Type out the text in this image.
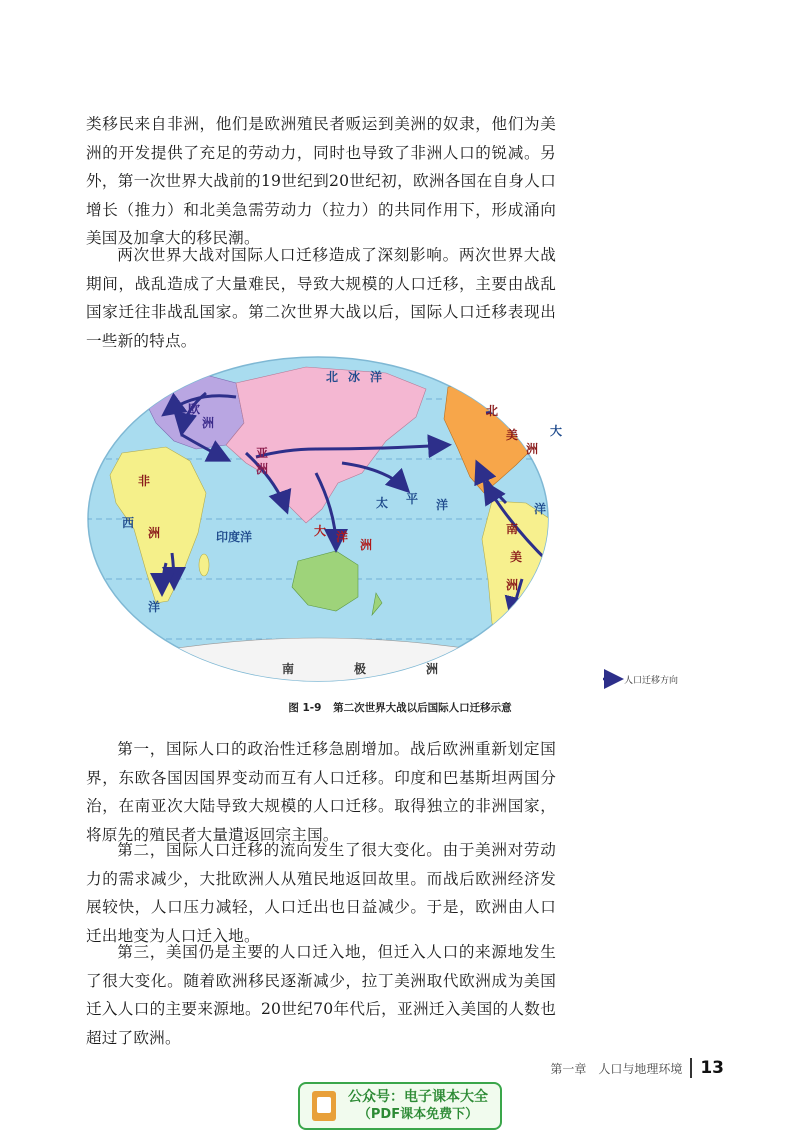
类移民来自非洲，他们是欧洲殖民者贩运到美洲的奴隶，他们为美洲的开发提供了充足的劳动力，同时也导致了非洲人口的锐减。另外，第一次世界大战前的19世纪到20世纪初，欧洲各国在自身人口增长（推力）和北美急需劳动力（拉力）的共同作用下，形成涌向美国及加拿大的移民潮。

两次世界大战对国际人口迁移造成了深刻影响。两次世界大战期间，战乱造成了大量难民，导致大规模的人口迁移，主要由战乱国家迁往非战乱国家。第二次世界大战以后，国际人口迁移表现出一些新的特点。

北 冰 洋
欧
洲
亚
洲
非
洲
北
美
洲
南
美
洲
大 洋
洲
印度洋
太 平 洋
西
洋
大
洋
南	极	洲
人口迁移方向
图 1-9 第二次世界大战以后国际人口迁移示意

第一，国际人口的政治性迁移急剧增加。战后欧洲重新划定国界，东欧各国因国界变动而互有人口迁移。印度和巴基斯坦两国分治，在南亚次大陆导致大规模的人口迁移。取得独立的非洲国家，将原先的殖民者大量遣返回宗主国。

第二，国际人口迁移的流向发生了很大变化。由于美洲对劳动力的需求减少，大批欧洲人从殖民地返回故里。而战后欧洲经济发展较快，人口压力减轻，人口迁出也日益减少。于是，欧洲由人口迁出地变为人口迁入地。

第三，美国仍是主要的人口迁入地，但迁入人口的来源地发生了很大变化。随着欧洲移民逐渐减少，拉丁美洲取代欧洲成为美国迁入人口的主要来源地。20世纪70年代后，亚洲迁入美国的人数也超过了欧洲。

第一章　人口与地理环境 13
公众号：电子课本大全
（PDF课本免费下）
